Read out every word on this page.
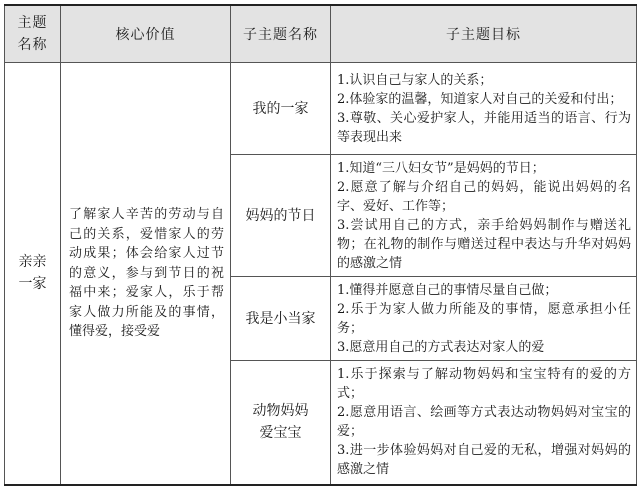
主题名称	核心价值	子主题名称	子主题目标
亲亲一家	了解家人辛苦的劳动与自己的关系，爱惜家人的劳动成果；体会给家人过节的意义，参与到节日的祝福中来；爱家人，乐于帮家人做力所能及的事情，懂得爱，接受爱	我的一家	1.认识自己与家人的关系；
2.体验家的温馨，知道家人对自己的关爱和付出；
3.尊敬、关心爱护家人，并能用适当的语言、行为等表现出来

		妈妈的节日	1.知道“三八妇女节”是妈妈的节日；
2.愿意了解与介绍自己的妈妈，能说出妈妈的名字、爱好、工作等；
3.尝试用自己的方式，亲手给妈妈制作与赠送礼物；在礼物的制作与赠送过程中表达与升华对妈妈的感激之情

		我是小当家	1.懂得并愿意自己的事情尽量自己做；
2.乐于为家人做力所能及的事情，愿意承担小任务；
3.愿意用自己的方式表达对家人的爱

		动物妈妈爱宝宝	1.乐于探索与了解动物妈妈和宝宝特有的爱的方式；
2.愿意用语言、绘画等方式表达动物妈妈对宝宝的爱；
3.进一步体验妈妈对自己爱的无私，增强对妈妈的感激之情
